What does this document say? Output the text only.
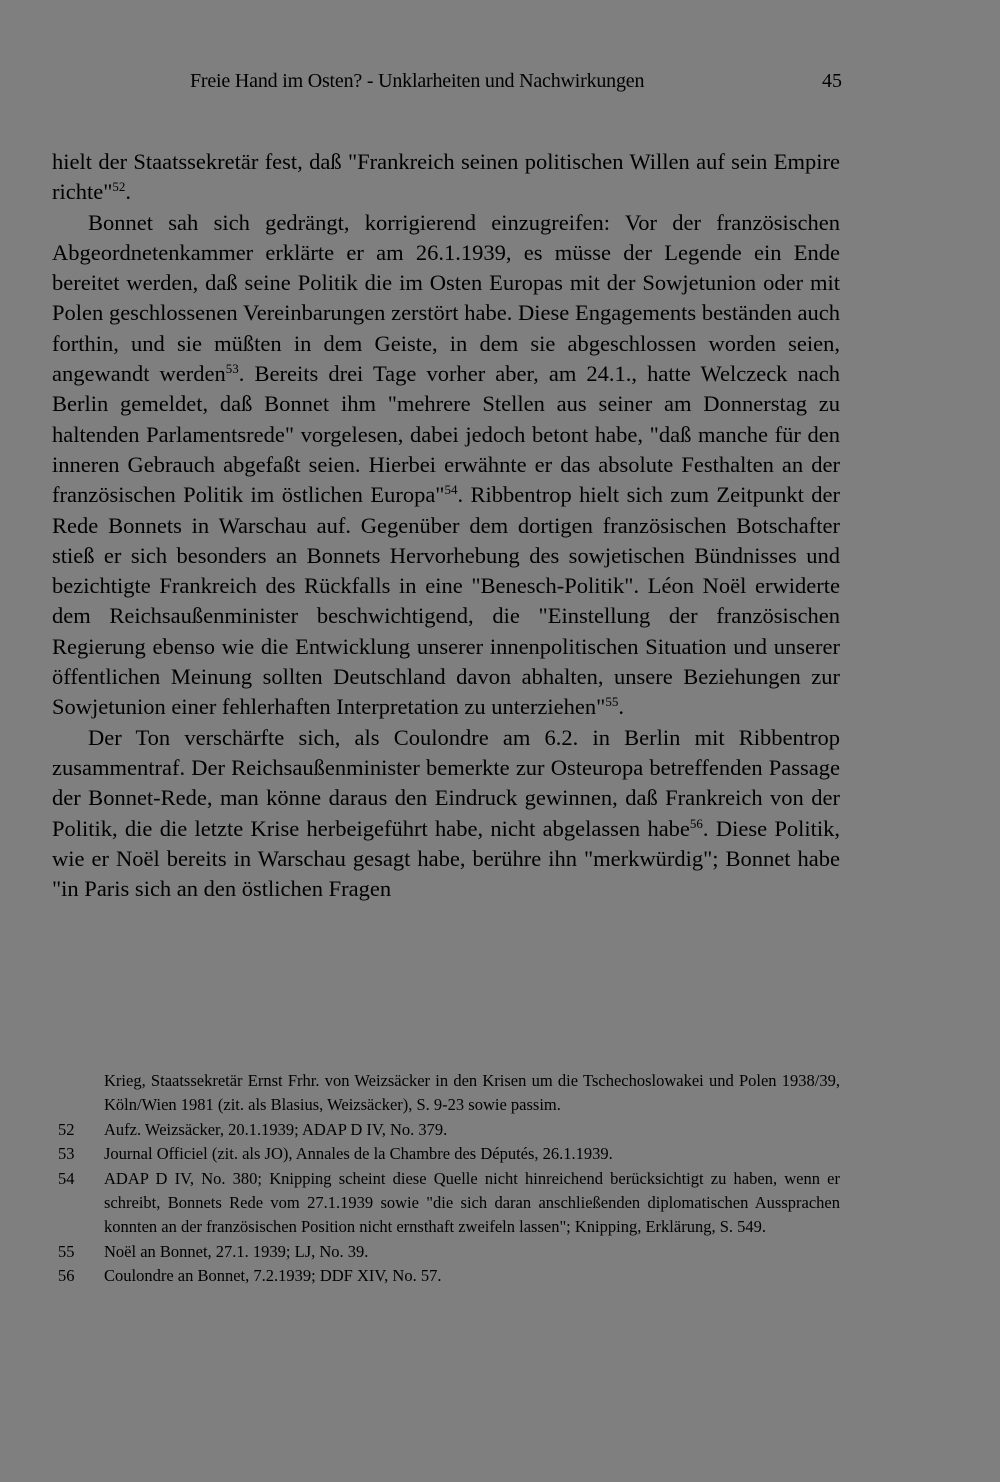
Freie Hand im Osten? - Unklarheiten und Nachwirkungen	45

hielt der Staatssekretär fest, daß "Frankreich seinen politischen Willen auf sein Empire richte"$^{52}$.

Bonnet sah sich gedrängt, korrigierend einzugreifen: Vor der französischen Abgeordnetenkammer erklärte er am 26.1.1939, es müsse der Legende ein Ende bereitet werden, daß seine Politik die im Osten Europas mit der Sowjetunion oder mit Polen geschlossenen Vereinbarungen zerstört habe. Diese Engagements beständen auch forthin, und sie müßten in dem Geiste, in dem sie abgeschlossen worden seien, angewandt werden$^{53}$. Bereits drei Tage vorher aber, am 24.1., hatte Welczeck nach Berlin gemeldet, daß Bonnet ihm "mehrere Stellen aus seiner am Donnerstag zu haltenden Parlamentsrede" vorgelesen, dabei jedoch betont habe, "daß manche für den inneren Gebrauch abgefaßt seien. Hierbei erwähnte er das absolute Festhalten an der französischen Politik im östlichen Europa"$^{54}$. Ribbentrop hielt sich zum Zeitpunkt der Rede Bonnets in Warschau auf. Gegenüber dem dortigen französischen Botschafter stieß er sich besonders an Bonnets Hervorhebung des sowjetischen Bündnisses und bezichtigte Frankreich des Rückfalls in eine "Benesch-Politik". Léon Noël erwiderte dem Reichsaußenminister beschwichtigend, die "Einstellung der französischen Regierung ebenso wie die Entwicklung unserer innenpolitischen Situation und unserer öffentlichen Meinung sollten Deutschland davon abhalten, unsere Beziehungen zur Sowjetunion einer fehlerhaften Interpretation zu unterziehen"$^{55}$.

Der Ton verschärfte sich, als Coulondre am 6.2. in Berlin mit Ribbentrop zusammentraf. Der Reichsaußenminister bemerkte zur Osteuropa betreffenden Passage der Bonnet-Rede, man könne daraus den Eindruck gewinnen, daß Frankreich von der Politik, die die letzte Krise herbeigeführt habe, nicht abgelassen habe$^{56}$. Diese Politik, wie er Noël bereits in Warschau gesagt habe, berühre ihn "merkwürdig"; Bonnet habe "in Paris sich an den östlichen Fragen

Krieg, Staatssekretär Ernst Frhr. von Weizsäcker in den Krisen um die Tschechoslowakei und Polen 1938/39, Köln/Wien 1981 (zit. als Blasius, Weizsäcker), S. 9-23 sowie passim.
52	Aufz. Weizsäcker, 20.1.1939; ADAP D IV, No. 379.
53	Journal Officiel (zit. als JO), Annales de la Chambre des Députés, 26.1.1939.
54	ADAP D IV, No. 380; Knipping scheint diese Quelle nicht hinreichend berücksichtigt zu haben, wenn er schreibt, Bonnets Rede vom 27.1.1939 sowie "die sich daran anschließenden diplomatischen Aussprachen konnten an der französischen Position nicht ernsthaft zweifeln lassen"; Knipping, Erklärung, S. 549.
55	Noël an Bonnet, 27.1. 1939; LJ, No. 39.
56	Coulondre an Bonnet, 7.2.1939; DDF XIV, No. 57.
